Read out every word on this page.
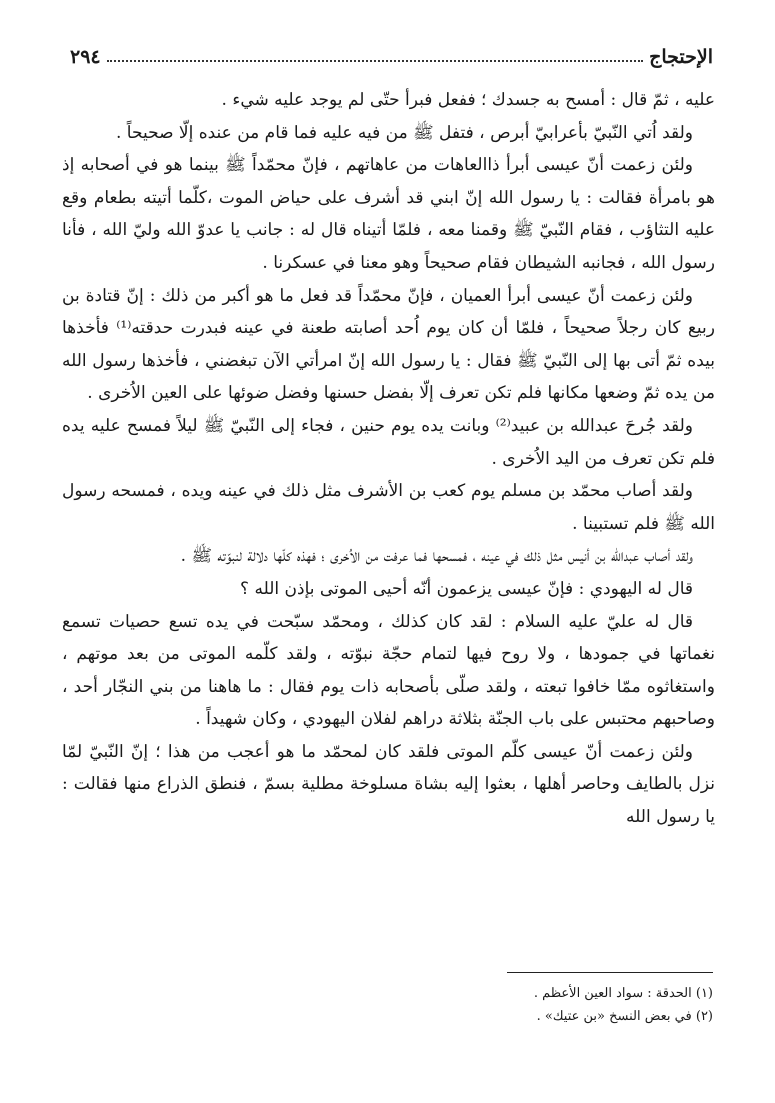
الإحتجاج
٢٩٤

عليه ، ثمّ قال : أمسح به جسدك ؛ ففعل فبرأ حتّى لم يوجد عليه شيء .

ولقد اُتي النّبيّ بأعرابيّ أبرص ، فتفل ﷺ من فيه عليه فما قام من عنده إلّا صحيحاً .

ولئن زعمت أنّ عيسى أبرأ ذاالعاهات من عاهاتهم ، فإنّ محمّداً ﷺ بينما هو في أصحابه إذ هو بامرأة فقالت : يا رسول الله إنّ ابني قد أشرف على حياض الموت ،كلّما أتيته بطعام وقع عليه التثاؤب ، فقام النّبيّ ﷺ وقمنا معه ، فلمّا أتيناه قال له : جانب يا عدوّ الله وليّ الله ، فأنا رسول الله ، فجانبه الشيطان فقام صحيحاً وهو معنا في عسكرنا .

ولئن زعمت أنّ عيسى أبرأ العميان ، فإنّ محمّداً قد فعل ما هو أكبر من ذلك : إنّ قتادة بن ربيع كان رجلاً صحيحاً ، فلمّا أن كان يوم اُحد أصابته طعنة في عينه فبدرت حدقته⁽¹⁾ فأخذها بيده ثمّ أتى بها إلى النّبيّ ﷺ فقال : يا رسول الله إنّ امرأتي الآن تبغضني ، فأخذها رسول الله من يده ثمّ وضعها مكانها فلم تكن تعرف إلّا بفضل حسنها وفضل ضوئها على العين الاُخرى .

ولقد جُرحَ عبدالله بن عبيد⁽²⁾ وبانت يده يوم حنين ، فجاء إلى النّبيّ ﷺ ليلاً فمسح عليه يده فلم تكن تعرف من اليد الاُخرى .

ولقد أصاب محمّد بن مسلم يوم كعب بن الأشرف مثل ذلك في عينه ويده ، فمسحه رسول الله ﷺ فلم تستبينا .

ولقد أصاب عبدالله بن أنيس مثل ذلك في عينه ، فمسحها فما عرفت من الاُخرى ؛ فهذه كلّها دلالة لنبوّته ﷺ .

قال له اليهودي : فإنّ عيسى يزعمون أنّه أحيى الموتى بإذن الله ؟

قال له عليّ عليه السلام : لقد كان كذلك ، ومحمّد سبّحت في يده تسع حصيات تسمع نغماتها في جمودها ، ولا روح فيها لتمام حجّة نبوّته ، ولقد كلّمه الموتى من بعد موتهم ، واستغاثوه ممّا خافوا تبعته ، ولقد صلّى بأصحابه ذات يوم فقال : ما هاهنا من بني النجّار أحد ، وصاحبهم محتبس على باب الجنّة بثلاثة دراهم لفلان اليهودي ، وكان شهيداً .

ولئن زعمت أنّ عيسى كلّم الموتى فلقد كان لمحمّد ما هو أعجب من هذا ؛ إنّ النّبيّ لمّا نزل بالطايف وحاصر أهلها ، بعثوا إليه بشاة مسلوخة مطلية بسمّ ، فنطق الذراع منها فقالت : يا رسول الله

(١) الحدقة : سواد العين الأعظم .
(٢) في بعض النسخ «بن عتيك» .
